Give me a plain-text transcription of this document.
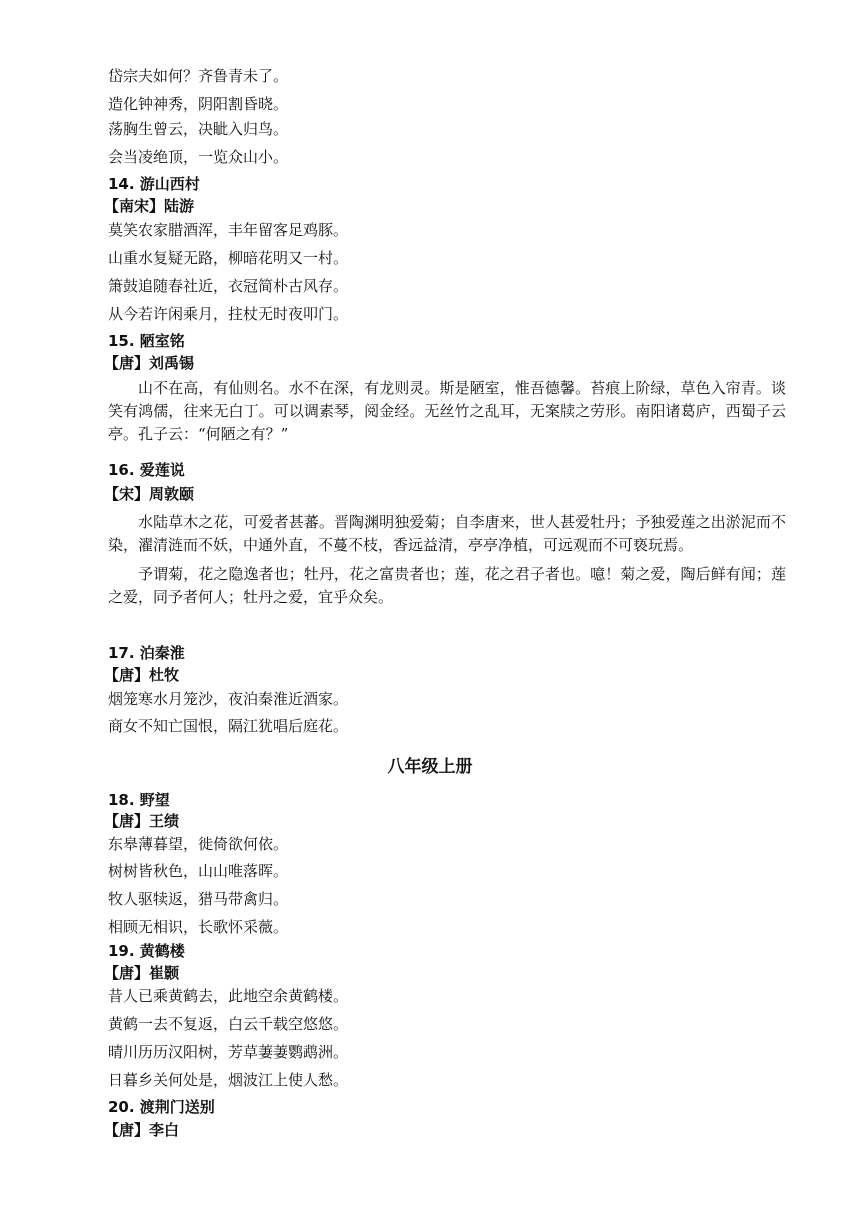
岱宗夫如何？齐鲁青未了。
造化钟神秀，阴阳割昏晓。
荡胸生曾云，决眦入归鸟。
会当凌绝顶，一览众山小。
14. 游山西村
【南宋】陆游
莫笑农家腊酒浑，丰年留客足鸡豚。
山重水复疑无路，柳暗花明又一村。
箫鼓追随春社近，衣冠简朴古风存。
从今若许闲乘月，拄杖无时夜叩门。
15. 陋室铭
【唐】刘禹锡

山不在高，有仙则名。水不在深，有龙则灵。斯是陋室，惟吾德馨。苔痕上阶绿，草色入帘青。谈笑有鸿儒，往来无白丁。可以调素琴，阅金经。无丝竹之乱耳，无案牍之劳形。南阳诸葛庐，西蜀子云亭。孔子云：“何陋之有？”

16. 爱莲说
【宋】周敦颐

水陆草木之花，可爱者甚蕃。晋陶渊明独爱菊；自李唐来，世人甚爱牡丹；予独爱莲之出淤泥而不染，濯清涟而不妖，中通外直，不蔓不枝，香远益清，亭亭净植，可远观而不可亵玩焉。

予谓菊，花之隐逸者也；牡丹，花之富贵者也；莲，花之君子者也。噫！菊之爱，陶后鲜有闻；莲之爱，同予者何人；牡丹之爱，宜乎众矣。

17. 泊秦淮
【唐】杜牧
烟笼寒水月笼沙，夜泊秦淮近酒家。
商女不知亡国恨，隔江犹唱后庭花。
八年级上册
18. 野望
【唐】王绩
东皋薄暮望，徙倚欲何依。
树树皆秋色，山山唯落晖。
牧人驱犊返，猎马带禽归。
相顾无相识，长歌怀采薇。
19. 黄鹤楼
【唐】崔颢
昔人已乘黄鹤去，此地空余黄鹤楼。
黄鹤一去不复返，白云千载空悠悠。
晴川历历汉阳树，芳草萋萋鹦鹉洲。
日暮乡关何处是，烟波江上使人愁。
20. 渡荆门送别
【唐】李白
